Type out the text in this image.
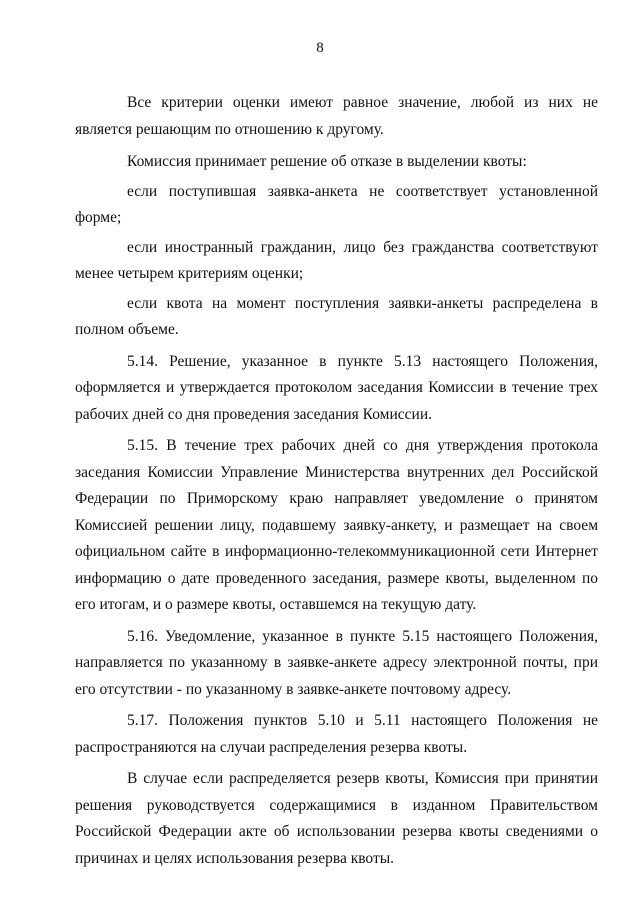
8

Все критерии оценки имеют равное значение, любой из них не является решающим по отношению к другому.

Комиссия принимает решение об отказе в выделении квоты:

если поступившая заявка-анкета не соответствует установленной форме;

если иностранный гражданин, лицо без гражданства соответствуют менее четырем критериям оценки;

если квота на момент поступления заявки-анкеты распределена в полном объеме.

5.14. Решение, указанное в пункте 5.13 настоящего Положения, оформляется и утверждается протоколом заседания Комиссии в течение трех рабочих дней со дня проведения заседания Комиссии.

5.15. В течение трех рабочих дней со дня утверждения протокола заседания Комиссии Управление Министерства внутренних дел Российской Федерации по Приморскому краю направляет уведомление о принятом Комиссией решении лицу, подавшему заявку-анкету, и размещает на своем официальном сайте в информационно-телекоммуникационной сети Интернет информацию о дате проведенного заседания, размере квоты, выделенном по его итогам, и о размере квоты, оставшемся на текущую дату.

5.16. Уведомление, указанное в пункте 5.15 настоящего Положения, направляется по указанному в заявке-анкете адресу электронной почты, при его отсутствии - по указанному в заявке-анкете почтовому адресу.

5.17. Положения пунктов 5.10 и 5.11 настоящего Положения не распространяются на случаи распределения резерва квоты.

В случае если распределяется резерв квоты, Комиссия при принятии решения руководствуется содержащимися в изданном Правительством Российской Федерации акте об использовании резерва квоты сведениями о причинах и целях использования резерва квоты.
